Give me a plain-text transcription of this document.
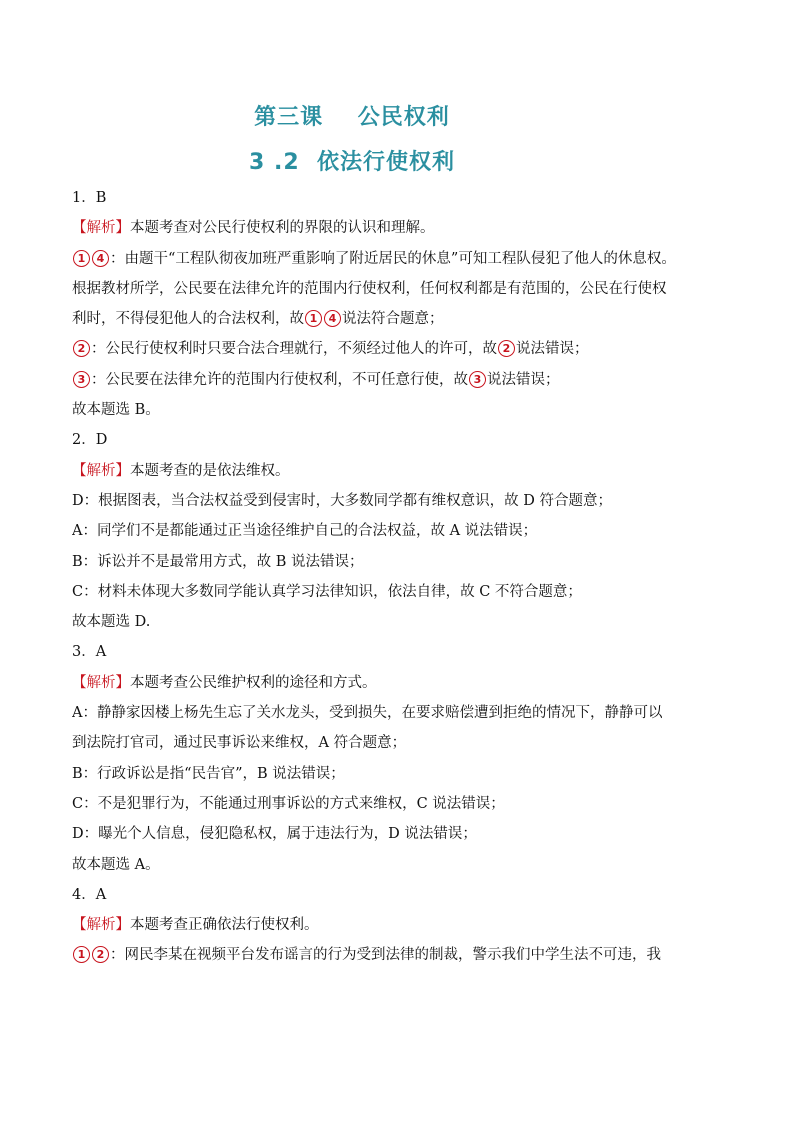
第三课    公民权利
3 .2  依法行使权利
1．B
【解析】本题考查对公民行使权利的界限的认识和理解。
1 4 ：由题干“工程队彻夜加班严重影响了附近居民的休息”可知工程队侵犯了他人的休息权。
根据教材所学，公民要在法律允许的范围内行使权利，任何权利都是有范围的，公民在行使权
利时，不得侵犯他人的合法权利，故 1 4 说法符合题意；
2 ：公民行使权利时只要合法合理就行，不须经过他人的许可，故 2 说法错误；
3 ：公民要在法律允许的范围内行使权利，不可任意行使，故 3 说法错误；
故本题选 B。
2．D
【解析】本题考查的是依法维权。
D：根据图表，当合法权益受到侵害时，大多数同学都有维权意识，故 D 符合题意；
A：同学们不是都能通过正当途径维护自己的合法权益，故 A 说法错误；
B：诉讼并不是最常用方式，故 B 说法错误；
C：材料未体现大多数同学能认真学习法律知识，依法自律，故 C 不符合题意；
故本题选 D.
3．A
【解析】本题考查公民维护权利的途径和方式。
A：静静家因楼上杨先生忘了关水龙头，受到损失，在要求赔偿遭到拒绝的情况下，静静可以
到法院打官司，通过民事诉讼来维权，A 符合题意；
B：行政诉讼是指“民告官”，B 说法错误；
C：不是犯罪行为，不能通过刑事诉讼的方式来维权，C 说法错误；
D：曝光个人信息，侵犯隐私权，属于违法行为，D 说法错误；
故本题选 A。
4．A
【解析】本题考查正确依法行使权利。
1 2 ：网民李某在视频平台发布谣言的行为受到法律的制裁，警示我们中学生法不可违，我
